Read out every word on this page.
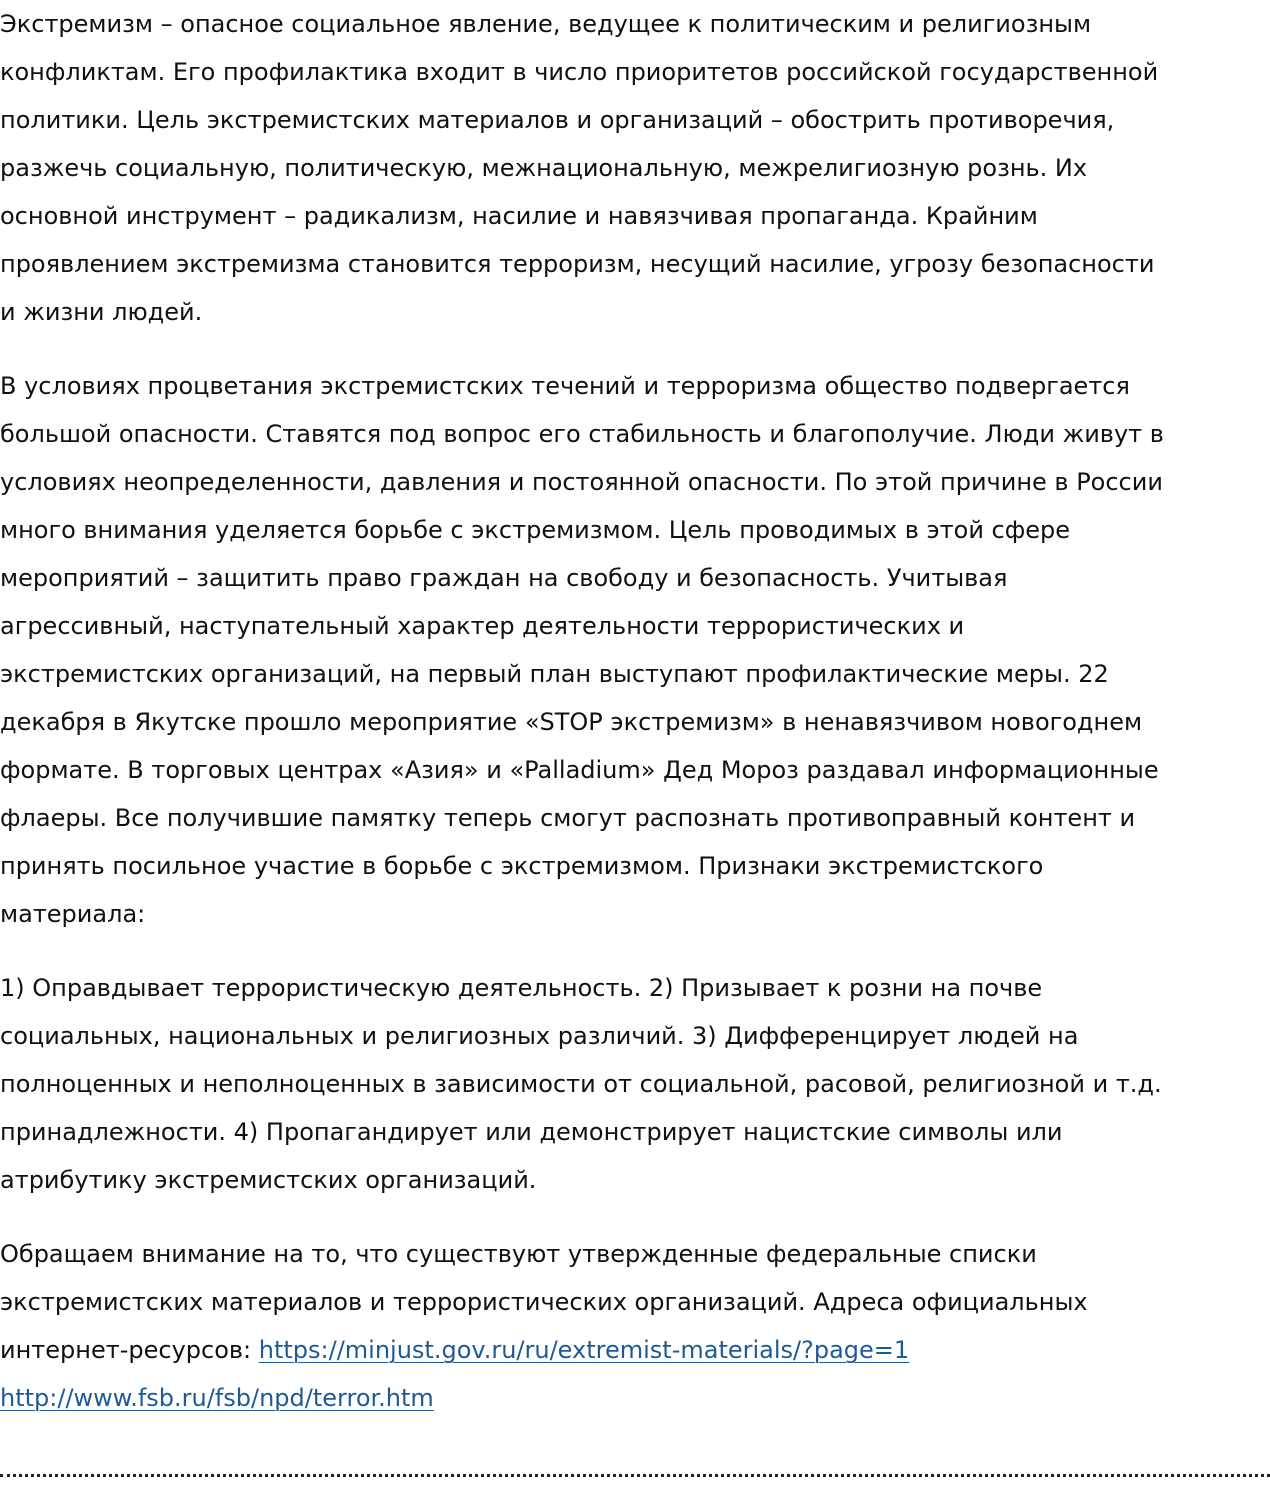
Экстремизм – опасное социальное явление, ведущее к политическим и религиозным
конфликтам. Его профилактика входит в число приоритетов российской государственной
политики. Цель экстремистских материалов и организаций – обострить противоречия,
разжечь социальную, политическую, межнациональную, межрелигиозную рознь. Их
основной инструмент – радикализм, насилие и навязчивая пропаганда. Крайним
проявлением экстремизма становится терроризм, несущий насилие, угрозу безопасности
и жизни людей.

В условиях процветания экстремистских течений и терроризма общество подвергается
большой опасности. Ставятся под вопрос его стабильность и благополучие. Люди живут в
условиях неопределенности, давления и постоянной опасности. По этой причине в России
много внимания уделяется борьбе с экстремизмом. Цель проводимых в этой сфере
мероприятий – защитить право граждан на свободу и безопасность. Учитывая
агрессивный, наступательный характер деятельности террористических и
экстремистских организаций, на первый план выступают профилактические меры. 22
декабря в Якутске прошло мероприятие «STOP экстремизм» в ненавязчивом новогоднем
формате. В торговых центрах «Азия» и «Palladium» Дед Мороз раздавал информационные
флаеры. Все получившие памятку теперь смогут распознать противоправный контент и
принять посильное участие в борьбе с экстремизмом. Признаки экстремистского
материала:

1) Оправдывает террористическую деятельность. 2) Призывает к розни на почве
социальных, национальных и религиозных различий. 3) Дифференцирует людей на
полноценных и неполноценных в зависимости от социальной, расовой, религиозной и т.д.
принадлежности. 4) Пропагандирует или демонстрирует нацистские символы или
атрибутику экстремистских организаций.

Обращаем внимание на то, что существуют утвержденные федеральные списки
экстремистских материалов и террористических организаций. Адреса официальных
интернет-ресурсов: https://minjust.gov.ru/ru/extremist-materials/?page=1
http://www.fsb.ru/fsb/npd/terror.htm
